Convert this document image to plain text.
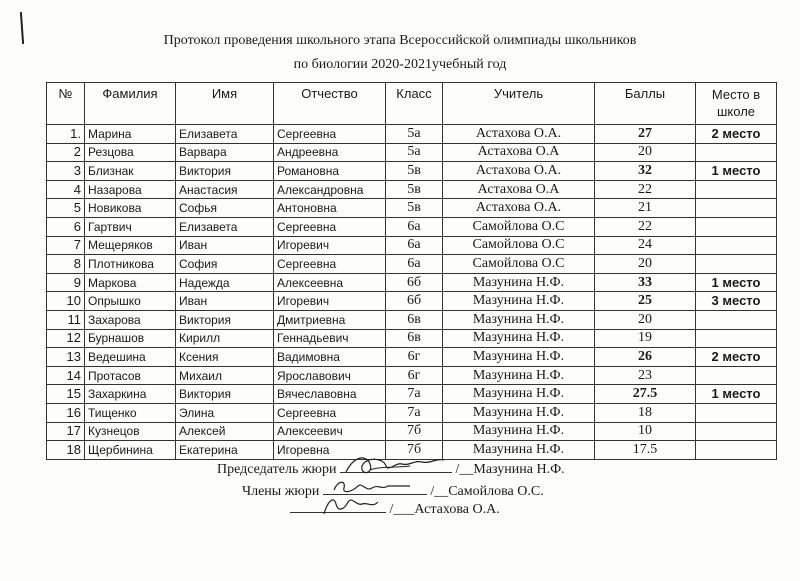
Протокол проведения школьного этапа Всероссийской олимпиады школьников
по биологии 2020-2021учебный год
№	Фамилия	Имя	Отчество	Класс	Учитель	Баллы	Место в
школе
1.	Марина	Елизавета	Сергеевна	5а	Астахова О.А.	27	2 место
2	Резцова	Варвара	Андреевна	5а	Астахова О.А	20	
3	Близнак	Виктория	Романовна	5в	Астахова О.А.	32	1 место
4	Назарова	Анастасия	Александровна	5в	Астахова О.А	22	
5	Новикова	Софья	Антоновна	5в	Астахова О.А.	21	
6	Гартвич	Елизавета	Сергеевна	6а	Самойлова О.С	22	
7	Мещеряков	Иван	Игоревич	6а	Самойлова О.С	24	
8	Плотникова	София	Сергеевна	6а	Самойлова О.С	20	
9	Маркова	Надежда	Алексеевна	6б	Мазунина Н.Ф.	33	1 место
10	Опрышко	Иван	Игоревич	6б	Мазунина Н.Ф.	25	3 место
11	Захарова	Виктория	Дмитриевна	6в	Мазунина Н.Ф.	20	
12	Бурнашов	Кирилл	Геннадьевич	6в	Мазунина Н.Ф.	19	
13	Ведешина	Ксения	Вадимовна	6г	Мазунина Н.Ф.	26	2 место
14	Протасов	Михаил	Ярославович	6г	Мазунина Н.Ф.	23	
15	Захаркина	Виктория	Вячеславовна	7а	Мазунина Н.Ф.	27.5	1 место
16	Тищенко	Элина	Сергеевна	7а	Мазунина Н.Ф.	18	
17	Кузнецов	Алексей	Алексеевич	7б	Мазунина Н.Ф.	10	
18	Щербинина	Екатерина	Игоревна	7б	Мазунина Н.Ф.	17.5	
Председатель жюри	/__Мазунина Н.Ф.
Члены жюри	/__Самойлова О.С.
/___Астахова О.А.
